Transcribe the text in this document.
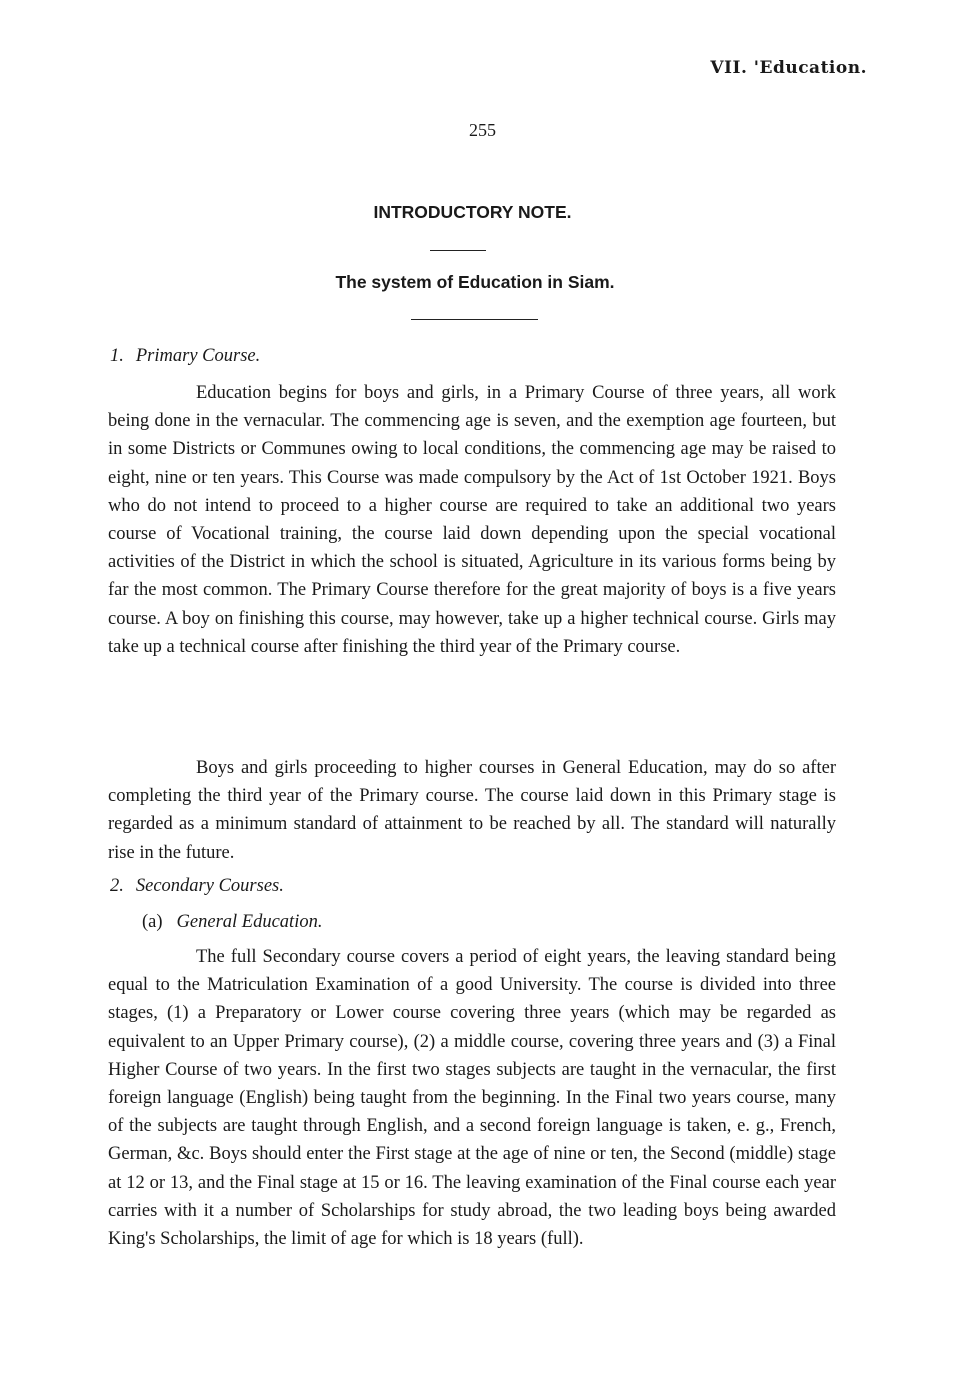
VII. 'Education.
255
INTRODUCTORY NOTE.
The system of Education in Siam.
1. Primary Course.

Education begins for boys and girls, in a Primary Course of three years, all work being done in the vernacular. The commencing age is seven, and the exemption age fourteen, but in some Districts or Communes owing to local conditions, the commencing age may be raised to eight, nine or ten years. This Course was made compulsory by the Act of 1st October 1921. Boys who do not intend to proceed to a higher course are required to take an additional two years course of Vocational training, the course laid down depending upon the special vocational activities of the District in which the school is situated, Agriculture in its various forms being by far the most common. The Primary Course therefore for the great majority of boys is a five years course. A boy on finishing this course, may however, take up a higher technical course. Girls may take up a technical course after finishing the third year of the Primary course.

Boys and girls proceeding to higher courses in General Education, may do so after completing the third year of the Primary course. The course laid down in this Primary stage is regarded as a minimum standard of attainment to be reached by all. The standard will naturally rise in the future.

2. Secondary Courses.
(a) General Education.

The full Secondary course covers a period of eight years, the leaving standard being equal to the Matriculation Examination of a good University. The course is divided into three stages, (1) a Preparatory or Lower course covering three years (which may be regarded as equivalent to an Upper Primary course), (2) a middle course, covering three years and (3) a Final Higher Course of two years. In the first two stages subjects are taught in the vernacular, the first foreign language (English) being taught from the beginning. In the Final two years course, many of the subjects are taught through English, and a second foreign language is taken, e. g., French, German, &c. Boys should enter the First stage at the age of nine or ten, the Second (middle) stage at 12 or 13, and the Final stage at 15 or 16. The leaving examination of the Final course each year carries with it a number of Scholarships for study abroad, the two leading boys being awarded King's Scholarships, the limit of age for which is 18 years (full).
